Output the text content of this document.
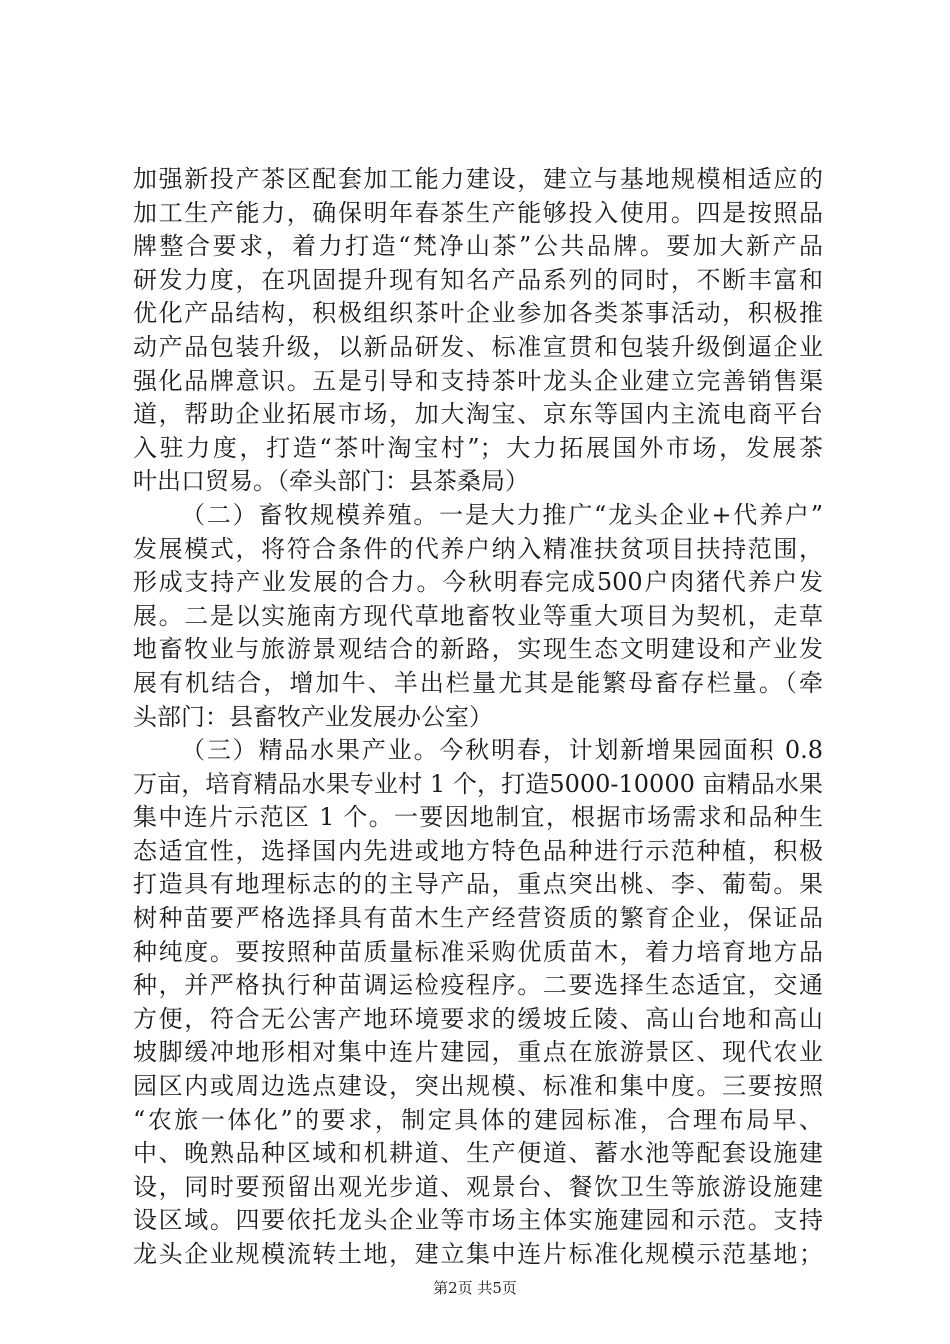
加强新投产茶区配套加工能力建设，建立与基地规模相适应的
加工生产能力，确保明年春茶生产能够投入使用。四是按照品
牌整合要求，着力打造“梵净山茶”公共品牌。要加大新产品
研发力度，在巩固提升现有知名产品系列的同时，不断丰富和
优化产品结构，积极组织茶叶企业参加各类茶事活动，积极推
动产品包装升级，以新品研发、标准宣贯和包装升级倒逼企业
强化品牌意识。五是引导和支持茶叶龙头企业建立完善销售渠
道，帮助企业拓展市场，加大淘宝、京东等国内主流电商平台
入驻力度，打造“茶叶淘宝村”；大力拓展国外市场，发展茶
叶出口贸易。（牵头部门：县茶桑局）
（二）畜牧规模养殖。一是大力推广“龙头企业+代养户”
发展模式，将符合条件的代养户纳入精准扶贫项目扶持范围，
形成支持产业发展的合力。今秋明春完成500户肉猪代养户发
展。二是以实施南方现代草地畜牧业等重大项目为契机，走草
地畜牧业与旅游景观结合的新路，实现生态文明建设和产业发
展有机结合，增加牛、羊出栏量尤其是能繁母畜存栏量。（牵
头部门：县畜牧产业发展办公室）
（三）精品水果产业。今秋明春，计划新增果园面积 0.8
万亩，培育精品水果专业村 1 个，打造5000-10000 亩精品水果
集中连片示范区 1 个。一要因地制宜，根据市场需求和品种生
态适宜性，选择国内先进或地方特色品种进行示范种植，积极
打造具有地理标志的的主导产品，重点突出桃、李、葡萄。果
树种苗要严格选择具有苗木生产经营资质的繁育企业，保证品
种纯度。要按照种苗质量标准采购优质苗木，着力培育地方品
种，并严格执行种苗调运检疫程序。二要选择生态适宜，交通
方便，符合无公害产地环境要求的缓坡丘陵、高山台地和高山
坡脚缓冲地形相对集中连片建园，重点在旅游景区、现代农业
园区内或周边选点建设，突出规模、标准和集中度。三要按照
“农旅一体化”的要求，制定具体的建园标准，合理布局早、
中、晚熟品种区域和机耕道、生产便道、蓄水池等配套设施建
设，同时要预留出观光步道、观景台、餐饮卫生等旅游设施建
设区域。四要依托龙头企业等市场主体实施建园和示范。支持
龙头企业规模流转土地，建立集中连片标准化规模示范基地；
第2页 共5页
